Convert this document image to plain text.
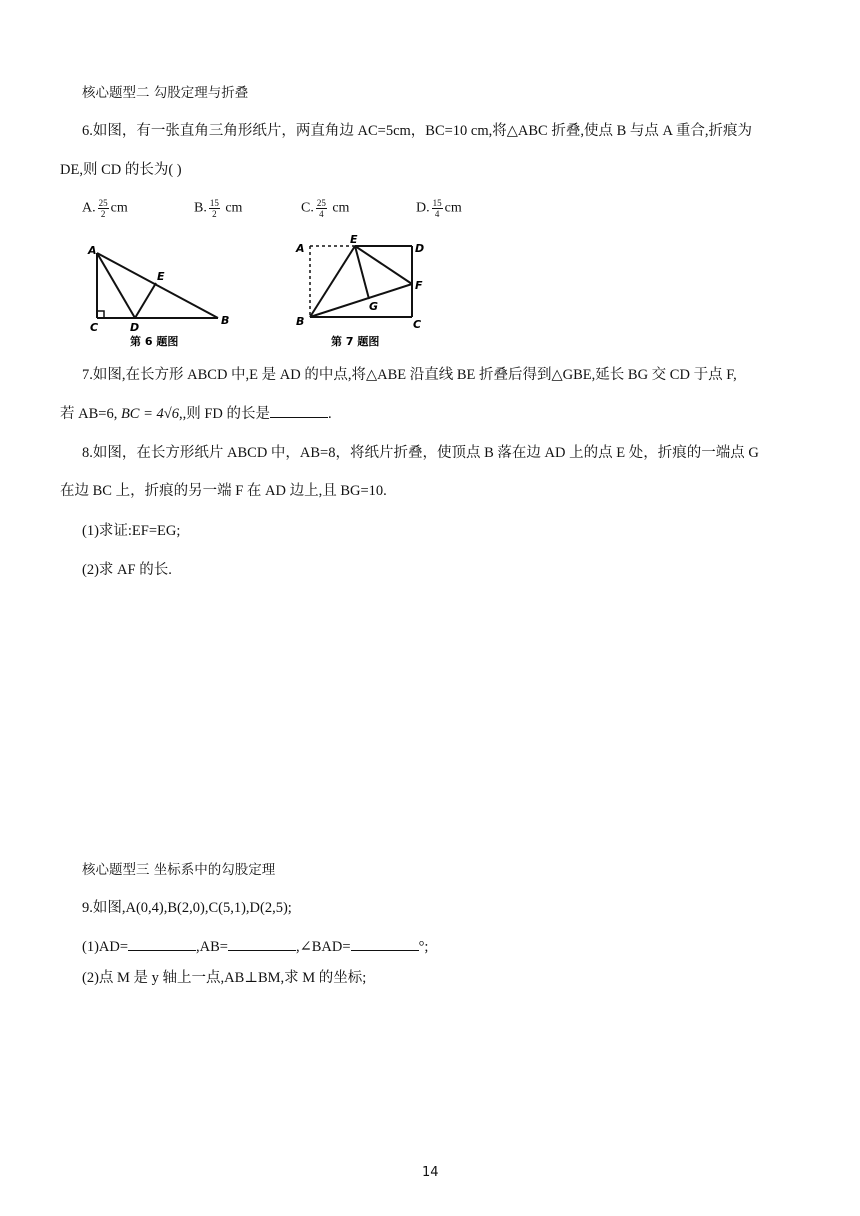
核心题型二 勾股定理与折叠
6.如图，有一张直角三角形纸片，两直角边 AC=5cm，BC=10 cm,将△ABC 折叠,使点 B 与点 A 重合,折痕为
DE,则 CD 的长为( )
A. $\frac{25}{2}$ cm	B. $\frac{15}{2}$ cm	C. $\frac{25}{4}$ cm	D. $\frac{15}{4}$ cm
A
C	D
E
B
第 6 题图
A
E
D
F
G
B	C
第 7 题图
7.如图,在长方形 ABCD 中,E 是 AD 的中点,将△ABE 沿直线 BE 折叠后得到△GBE,延长 BG 交 CD 于点 F,
若 AB=6, BC = 4√6,,则 FD 的长是	.
8.如图，在长方形纸片 ABCD 中，AB=8，将纸片折叠，使顶点 B 落在边 AD 上的点 E 处，折痕的一端点 G
在边 BC 上，折痕的另一端 F 在 AD 边上,且 BG=10.
(1)求证:EF=EG;
(2)求 AF 的长.
核心题型三 坐标系中的勾股定理
9.如图,A(0,4),B(2,0),C(5,1),D(2,5);
(1)AD=	,AB=	,∠BAD=	°;
(2)点 M 是 y 轴上一点,AB⊥BM,求 M 的坐标;
14
